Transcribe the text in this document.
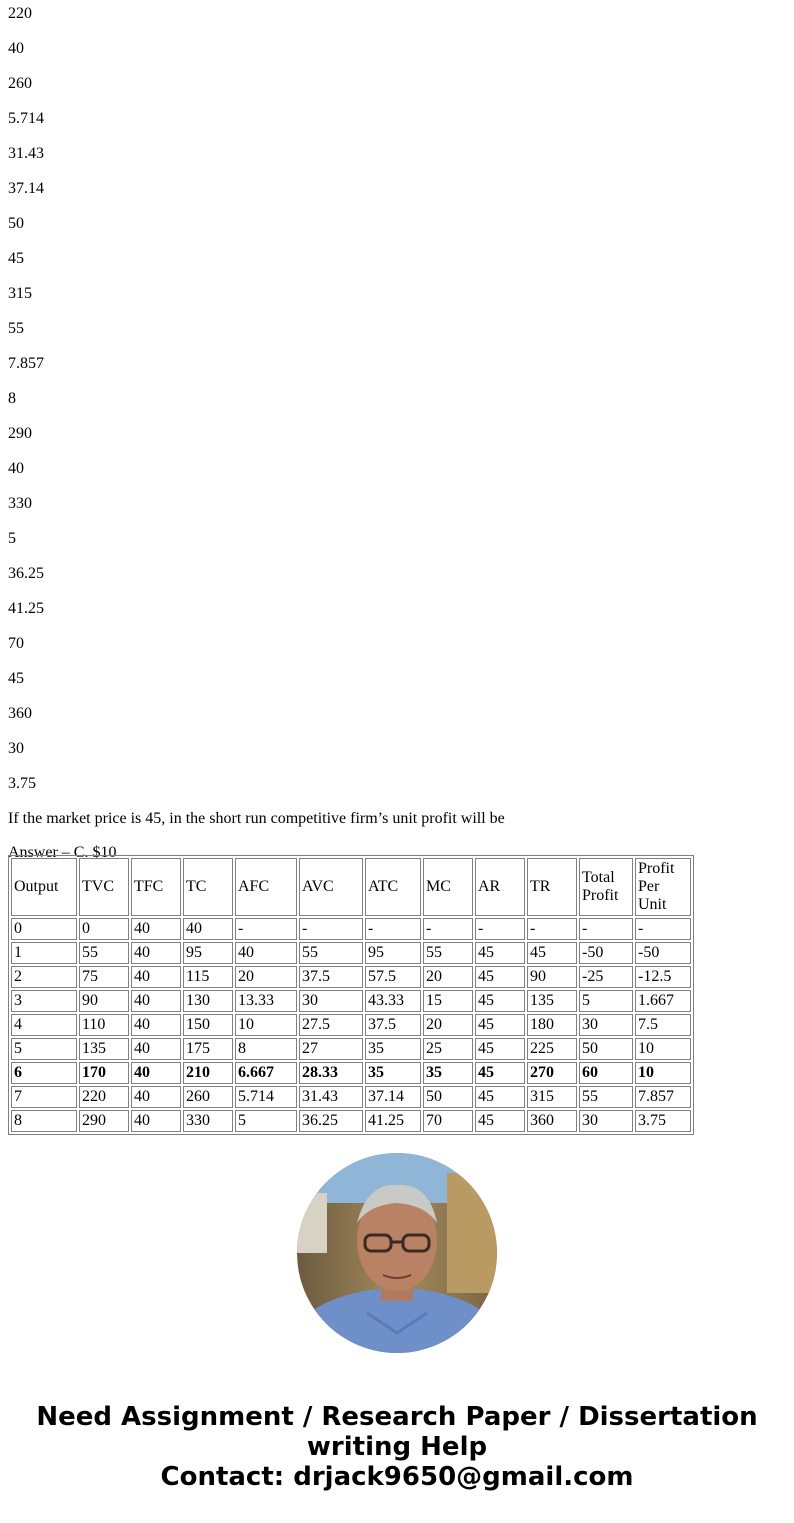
220

40

260

5.714

31.43

37.14

50

45

315

55

7.857

8

290

40

330

5

36.25

41.25

70

45

360

30

3.75

If the market price is 45, in the short run competitive firm’s unit profit will be

Answer – C. $10

Output	TVC	TFC	TC	AFC	AVC	ATC	MC	AR	TR	Total Profit	Profit Per Unit
0	0	40	40	-	-	-	-	-	-	-	-
1	55	40	95	40	55	95	55	45	45	-50	-50
2	75	40	115	20	37.5	57.5	20	45	90	-25	-12.5
3	90	40	130	13.33	30	43.33	15	45	135	5	1.667
4	110	40	150	10	27.5	37.5	20	45	180	30	7.5
5	135	40	175	8	27	35	25	45	225	50	10
6	170	40	210	6.667	28.33	35	35	45	270	60	10
7	220	40	260	5.714	31.43	37.14	50	45	315	55	7.857
8	290	40	330	5	36.25	41.25	70	45	360	30	3.75
Need Assignment / Research Paper / Dissertation
writing Help
Contact: drjack9650@gmail.com
